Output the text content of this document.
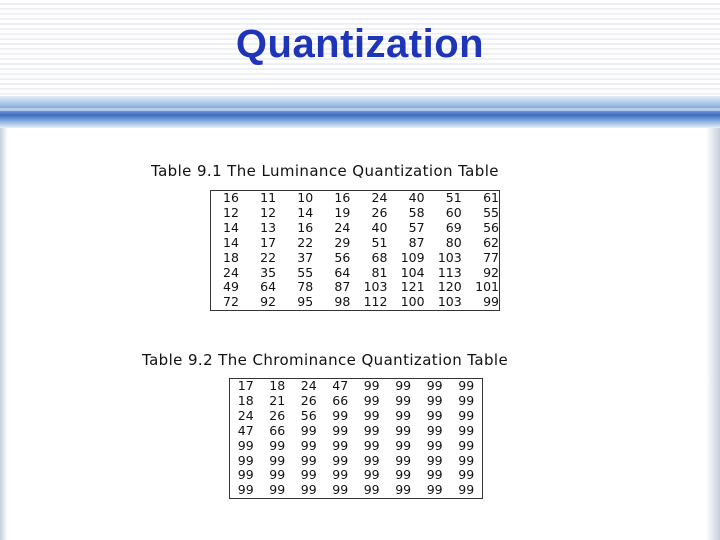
Quantization
Table 9.1 The Luminance Quantization Table
16	11	10	16	24	40	51	61
12	12	14	19	26	58	60	55
14	13	16	24	40	57	69	56
14	17	22	29	51	87	80	62
18	22	37	56	68	109	103	77
24	35	55	64	81	104	113	92
49	64	78	87	103	121	120	101
72	92	95	98	112	100	103	99
Table 9.2 The Chrominance Quantization Table
17	18	24	47	99	99	99	99
18	21	26	66	99	99	99	99
24	26	56	99	99	99	99	99
47	66	99	99	99	99	99	99
99	99	99	99	99	99	99	99
99	99	99	99	99	99	99	99
99	99	99	99	99	99	99	99
99	99	99	99	99	99	99	99
